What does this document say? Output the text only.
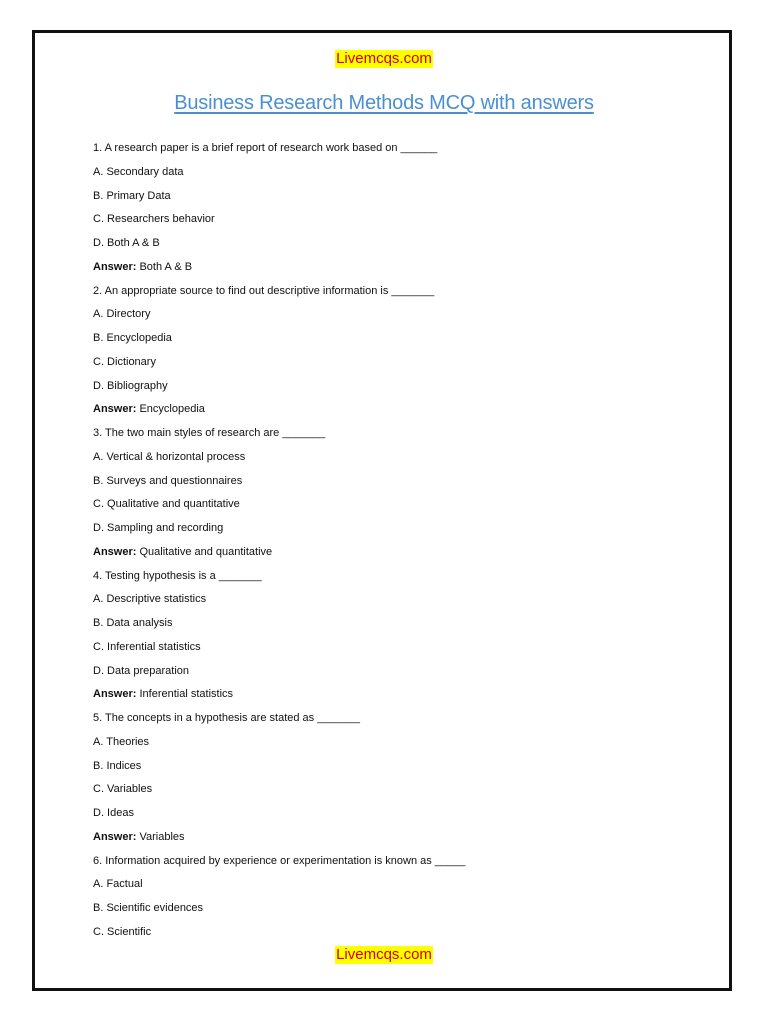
Livemcqs.com
Business Research Methods MCQ with answers
1. A research paper is a brief report of research work based on ______
A. Secondary data
B. Primary Data
C. Researchers behavior
D. Both A & B
Answer: Both A & B
2. An appropriate source to find out descriptive information is _______
A. Directory
B. Encyclopedia
C. Dictionary
D. Bibliography
Answer: Encyclopedia
3. The two main styles of research are _______
A. Vertical & horizontal process
B. Surveys and questionnaires
C. Qualitative and quantitative
D. Sampling and recording
Answer: Qualitative and quantitative
4. Testing hypothesis is a _______
A. Descriptive statistics
B. Data analysis
C. Inferential statistics
D. Data preparation
Answer: Inferential statistics
5. The concepts in a hypothesis are stated as _______
A. Theories
B. Indices
C. Variables
D. Ideas
Answer: Variables
6. Information acquired by experience or experimentation is known as _____
A. Factual
B. Scientific evidences
C. Scientific
Livemcqs.com
